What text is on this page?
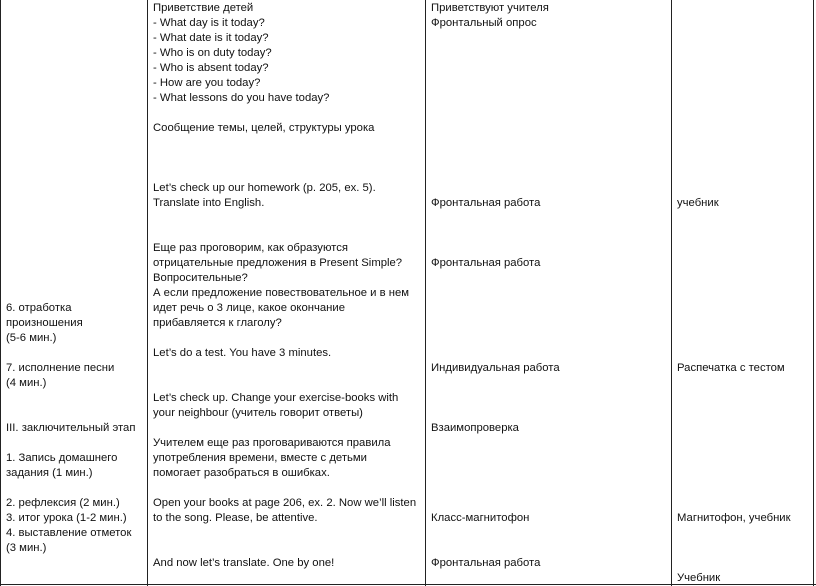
6. отработка
произношения
(5-6 мин.)
7. исполнение песни
(4 мин.)
III. заключительный этап
1. Запись домашнего
задания (1 мин.)
2. рефлексия (2 мин.)
3. итог урока (1-2 мин.)
4. выставление отметок
(3 мин.)
Приветствие детей
- What day is it today?
- What date is it today?
- Who is on duty today?
- Who is absent today?
- How are you today?
- What lessons do you have today?
Сообщение темы, целей, структуры урока
Let’s check up our homework (p. 205, ex. 5).
Translate into English.
Еще раз проговорим, как образуются
отрицательные предложения в Present Simple?
Вопросительные?
А если предложение повествовательное и в нем
идет речь о 3 лице, какое окончание
прибавляется к глаголу?
Let’s do a test. You have 3 minutes.
Let’s check up. Change your exercise-books with
your neighbour (учитель говорит ответы)
Учителем еще раз проговариваются правила
употребления времени, вместе с детьми
помогает разобраться в ошибках.
Open your books at page 206, ex. 2. Now we’ll listen
to the song. Please, be attentive.
And now let’s translate. One by one!
Приветствуют учителя
Фронтальный опрос
Фронтальная работа
Фронтальная работа
Индивидуальная работа
Взаимопроверка
Класс-магнитофон
Фронтальная работа
учебник
Распечатка с тестом
Магнитофон, учебник
Учебник
